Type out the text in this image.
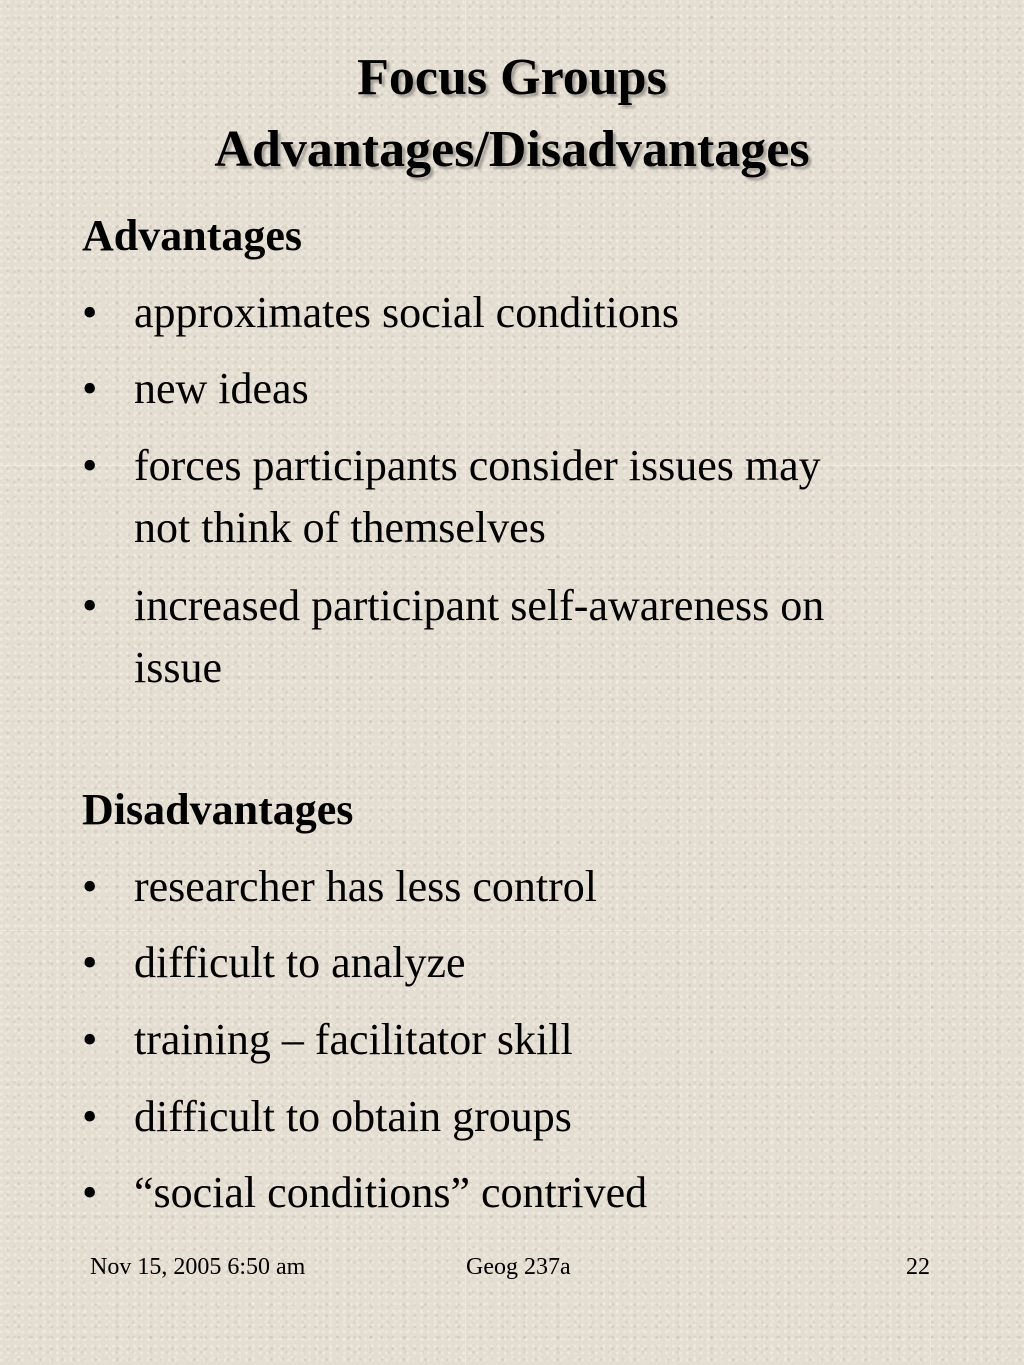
Focus Groups
Advantages/Disadvantages
Advantages
• approximates social conditions
• new ideas
• forces participants consider issues may not think of themselves
• increased participant self-awareness on issue
Disadvantages
• researcher has less control
• difficult to analyze
• training – facilitator skill
• difficult to obtain groups
• “social conditions” contrived
Nov 15, 2005 6:50 am	Geog 237a	22
